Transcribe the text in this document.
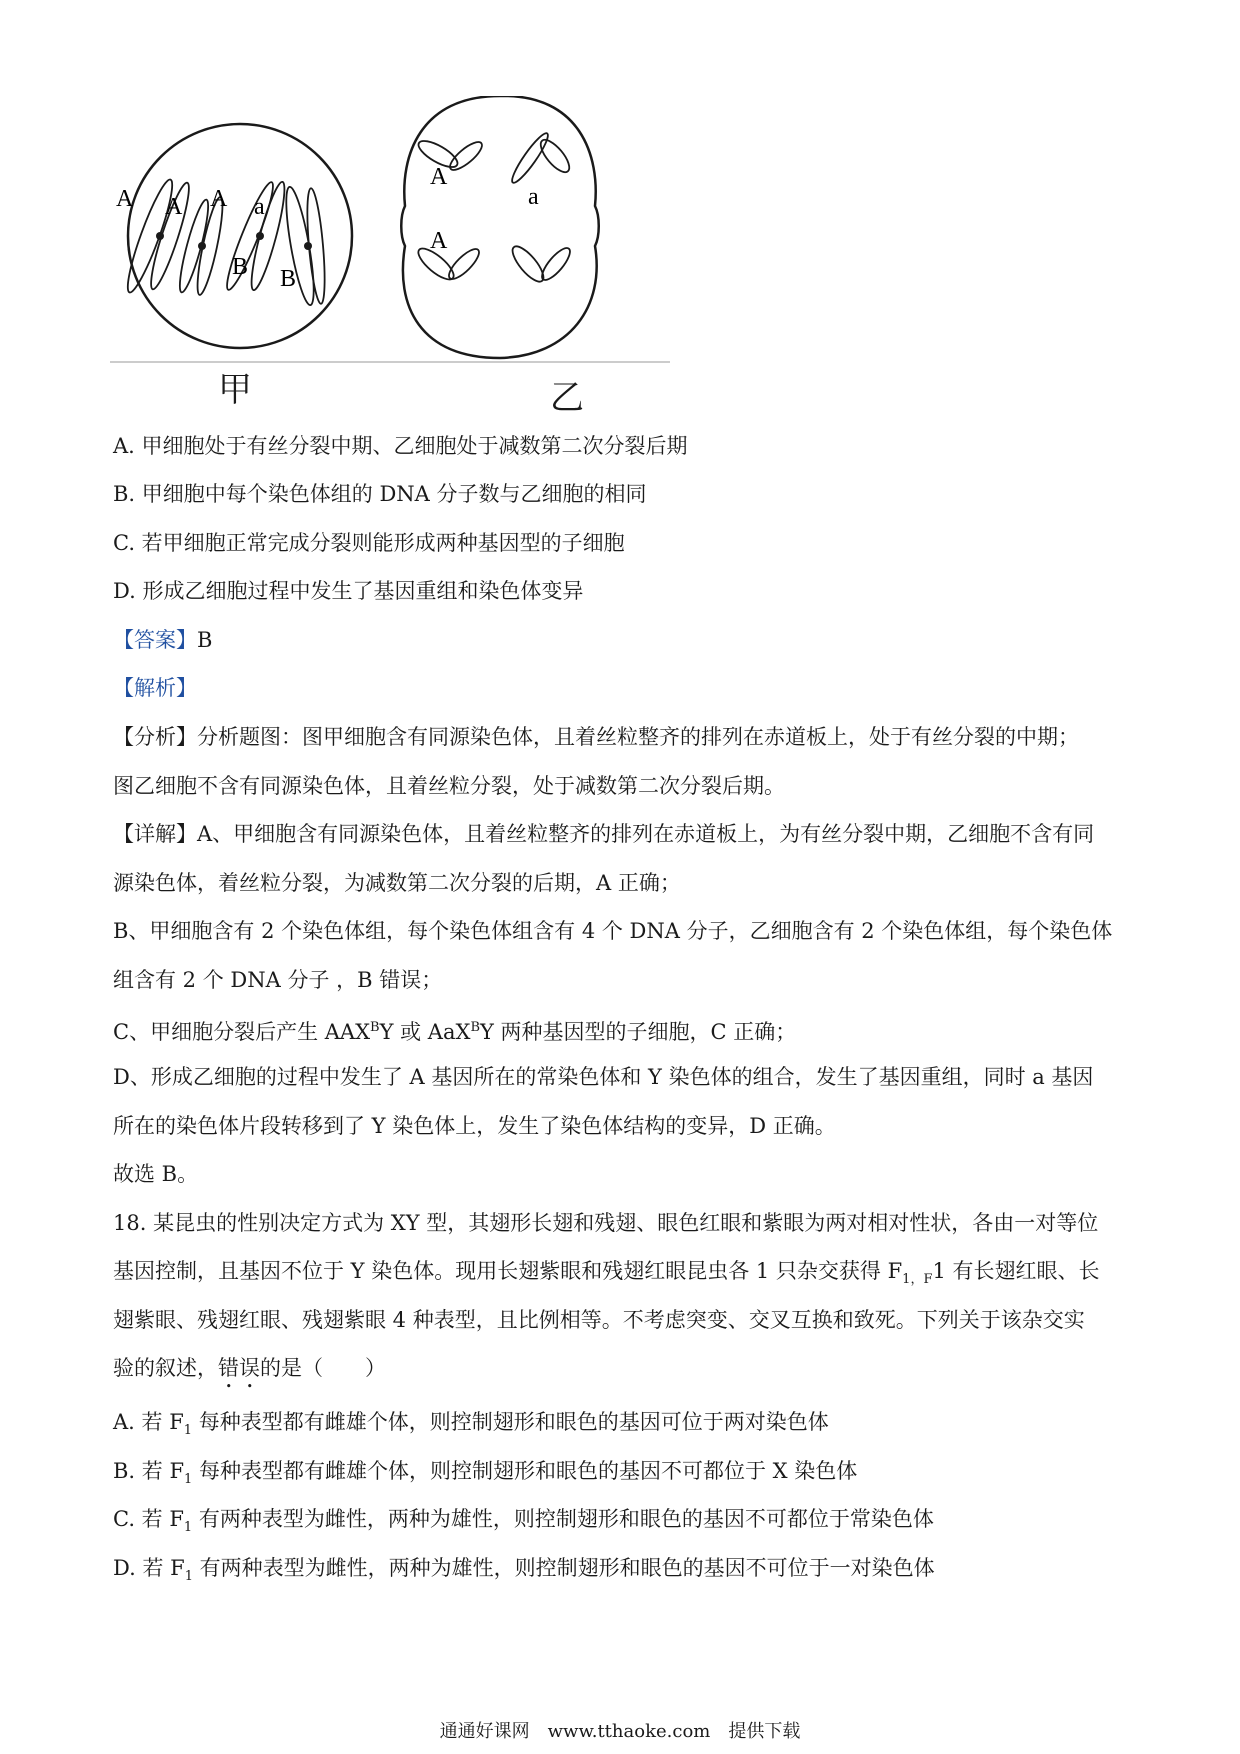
A A A a
B B
A
a
A
甲	乙
A. 甲细胞处于有丝分裂中期、乙细胞处于减数第二次分裂后期
B. 甲细胞中每个染色体组的 DNA 分子数与乙细胞的相同
C. 若甲细胞正常完成分裂则能形成两种基因型的子细胞
D. 形成乙细胞过程中发生了基因重组和染色体变异
【答案】B
【解析】
【分析】分析题图：图甲细胞含有同源染色体，且着丝粒整齐的排列在赤道板上，处于有丝分裂的中期；
图乙细胞不含有同源染色体，且着丝粒分裂，处于减数第二次分裂后期。
【详解】A、甲细胞含有同源染色体，且着丝粒整齐的排列在赤道板上，为有丝分裂中期，乙细胞不含有同
源染色体，着丝粒分裂，为减数第二次分裂的后期，A 正确；
B、甲细胞含有 2 个染色体组，每个染色体组含有 4 个 DNA 分子，乙细胞含有 2 个染色体组，每个染色体
组含有 2 个 DNA 分子 ，B 错误；
C、甲细胞分裂后产生 $AAX^BY$ 或 AaX$^B$Y 两种基因型的子细胞，C 正确；
D、形成乙细胞的过程中发生了 A 基因所在的常染色体和 Y 染色体的组合，发生了基因重组，同时 a 基因
所在的染色体片段转移到了 Y 染色体上，发生了染色体结构的变异，D 正确。
故选 B。
18. 某昆虫的性别决定方式为 XY 型，其翅形长翅和残翅、眼色红眼和紫眼为两对相对性状，各由一对等位
基因控制，且基因不位于 Y 染色体。现用长翅紫眼和残翅红眼昆虫各 1 只杂交获得 $F_{1,F}1$ 有长翅红眼、长
翅紫眼、残翅红眼、残翅紫眼 4 种表型，且比例相等。不考虑突变、交叉互换和致死。下列关于该杂交实
验的叙述，错误的是（　　）
A. 若 $F_1$ 每种表型都有雌雄个体，则控制翅形和眼色的基因可位于两对染色体
B. 若 $F_1$ 每种表型都有雌雄个体，则控制翅形和眼色的基因不可都位于 X 染色体
C. 若 $F_1$ 有两种表型为雌性，两种为雄性，则控制翅形和眼色的基因不可都位于常染色体
D. 若 $F_1$ 有两种表型为雌性，两种为雄性，则控制翅形和眼色的基因不可位于一对染色体
通通好课网　www.tthaoke.com　提供下载
